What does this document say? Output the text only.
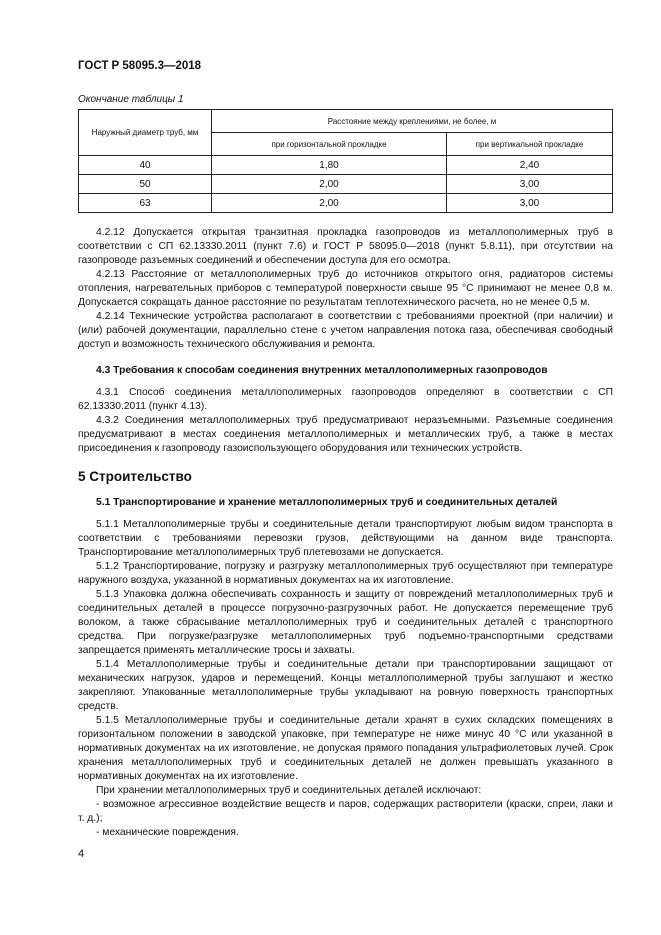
ГОСТ Р 58095.3—2018
Окончание таблицы 1
Наружный диаметр труб, мм	Расстояние между креплениями, не более, м	
	при горизонтальной прокладке	при вертикальной прокладке
40	1,80	2,40
50	2,00	3,00
63	2,00	3,00

4.2.12 Допускается открытая транзитная прокладка газопроводов из металлополимерных труб в соответствии с СП 62.13330.2011 (пункт 7.6) и ГОСТ Р 58095.0—2018 (пункт 5.8.11), при отсутствии на газопроводе разъемных соединений и обеспечении доступа для его осмотра.

4.2.13 Расстояние от металлополимерных труб до источников открытого огня, радиаторов системы отопления, нагревательных приборов с температурой поверхности свыше 95 °С принимают не менее 0,8 м. Допускается сокращать данное расстояние по результатам теплотехнического расчета, но не менее 0,5 м.

4.2.14 Технические устройства располагают в соответствии с требованиями проектной (при наличии) и (или) рабочей документации, параллельно стене с учетом направления потока газа, обеспечивая свободный доступ и возможность технического обслуживания и ремонта.

4.3 Требования к способам соединения внутренних металлополимерных газопроводов

4.3.1 Способ соединения металлополимерных газопроводов определяют в соответствии с СП 62.13330.2011 (пункт 4.13).

4.3.2 Соединения металлополимерных труб предусматривают неразъемными. Разъемные соединения предусматривают в местах соединения металлополимерных и металлических труб, а также в местах присоединения к газопроводу газоиспользующего оборудования или технических устройств.

5 Строительство
5.1 Транспортирование и хранение металлополимерных труб и соединительных деталей

5.1.1 Металлополимерные трубы и соединительные детали транспортируют любым видом транспорта в соответствии с требованиями перевозки грузов, действующими на данном виде транспорта. Транспортирование металлополимерных труб плетевозами не допускается.

5.1.2 Транспортирование, погрузку и разгрузку металлополимерных труб осуществляют при температуре наружного воздуха, указанной в нормативных документах на их изготовление.

5.1.3 Упаковка должна обеспечивать сохранность и защиту от повреждений металлополимерных труб и соединительных деталей в процессе погрузочно-разгрузочных работ. Не допускается перемещение труб волоком, а также сбрасывание металлополимерных труб и соединительных деталей с транспортного средства. При погрузке/разгрузке металлополимерных труб подъемно-транспортными средствами запрещается применять металлические тросы и захваты.

5.1.4 Металлополимерные трубы и соединительные детали при транспортировании защищают от механических нагрузок, ударов и перемещений. Концы металлополимерной трубы заглушают и жестко закрепляют. Упакованные металлополимерные трубы укладывают на ровную поверхность транспортных средств.

5.1.5 Металлополимерные трубы и соединительные детали хранят в сухих складских помещениях в горизонтальном положении в заводской упаковке, при температуре не ниже минус 40 °С или указанной в нормативных документах на их изготовление, не допуская прямого попадания ультрафиолетовых лучей. Срок хранения металлополимерных труб и соединительных деталей не должен превышать указанного в нормативных документах на их изготовление.

При хранении металлополимерных труб и соединительных деталей исключают:

- возможное агрессивное воздействие веществ и паров, содержащих растворители (краски, спреи, лаки и т. д.);

- механические повреждения.

4
